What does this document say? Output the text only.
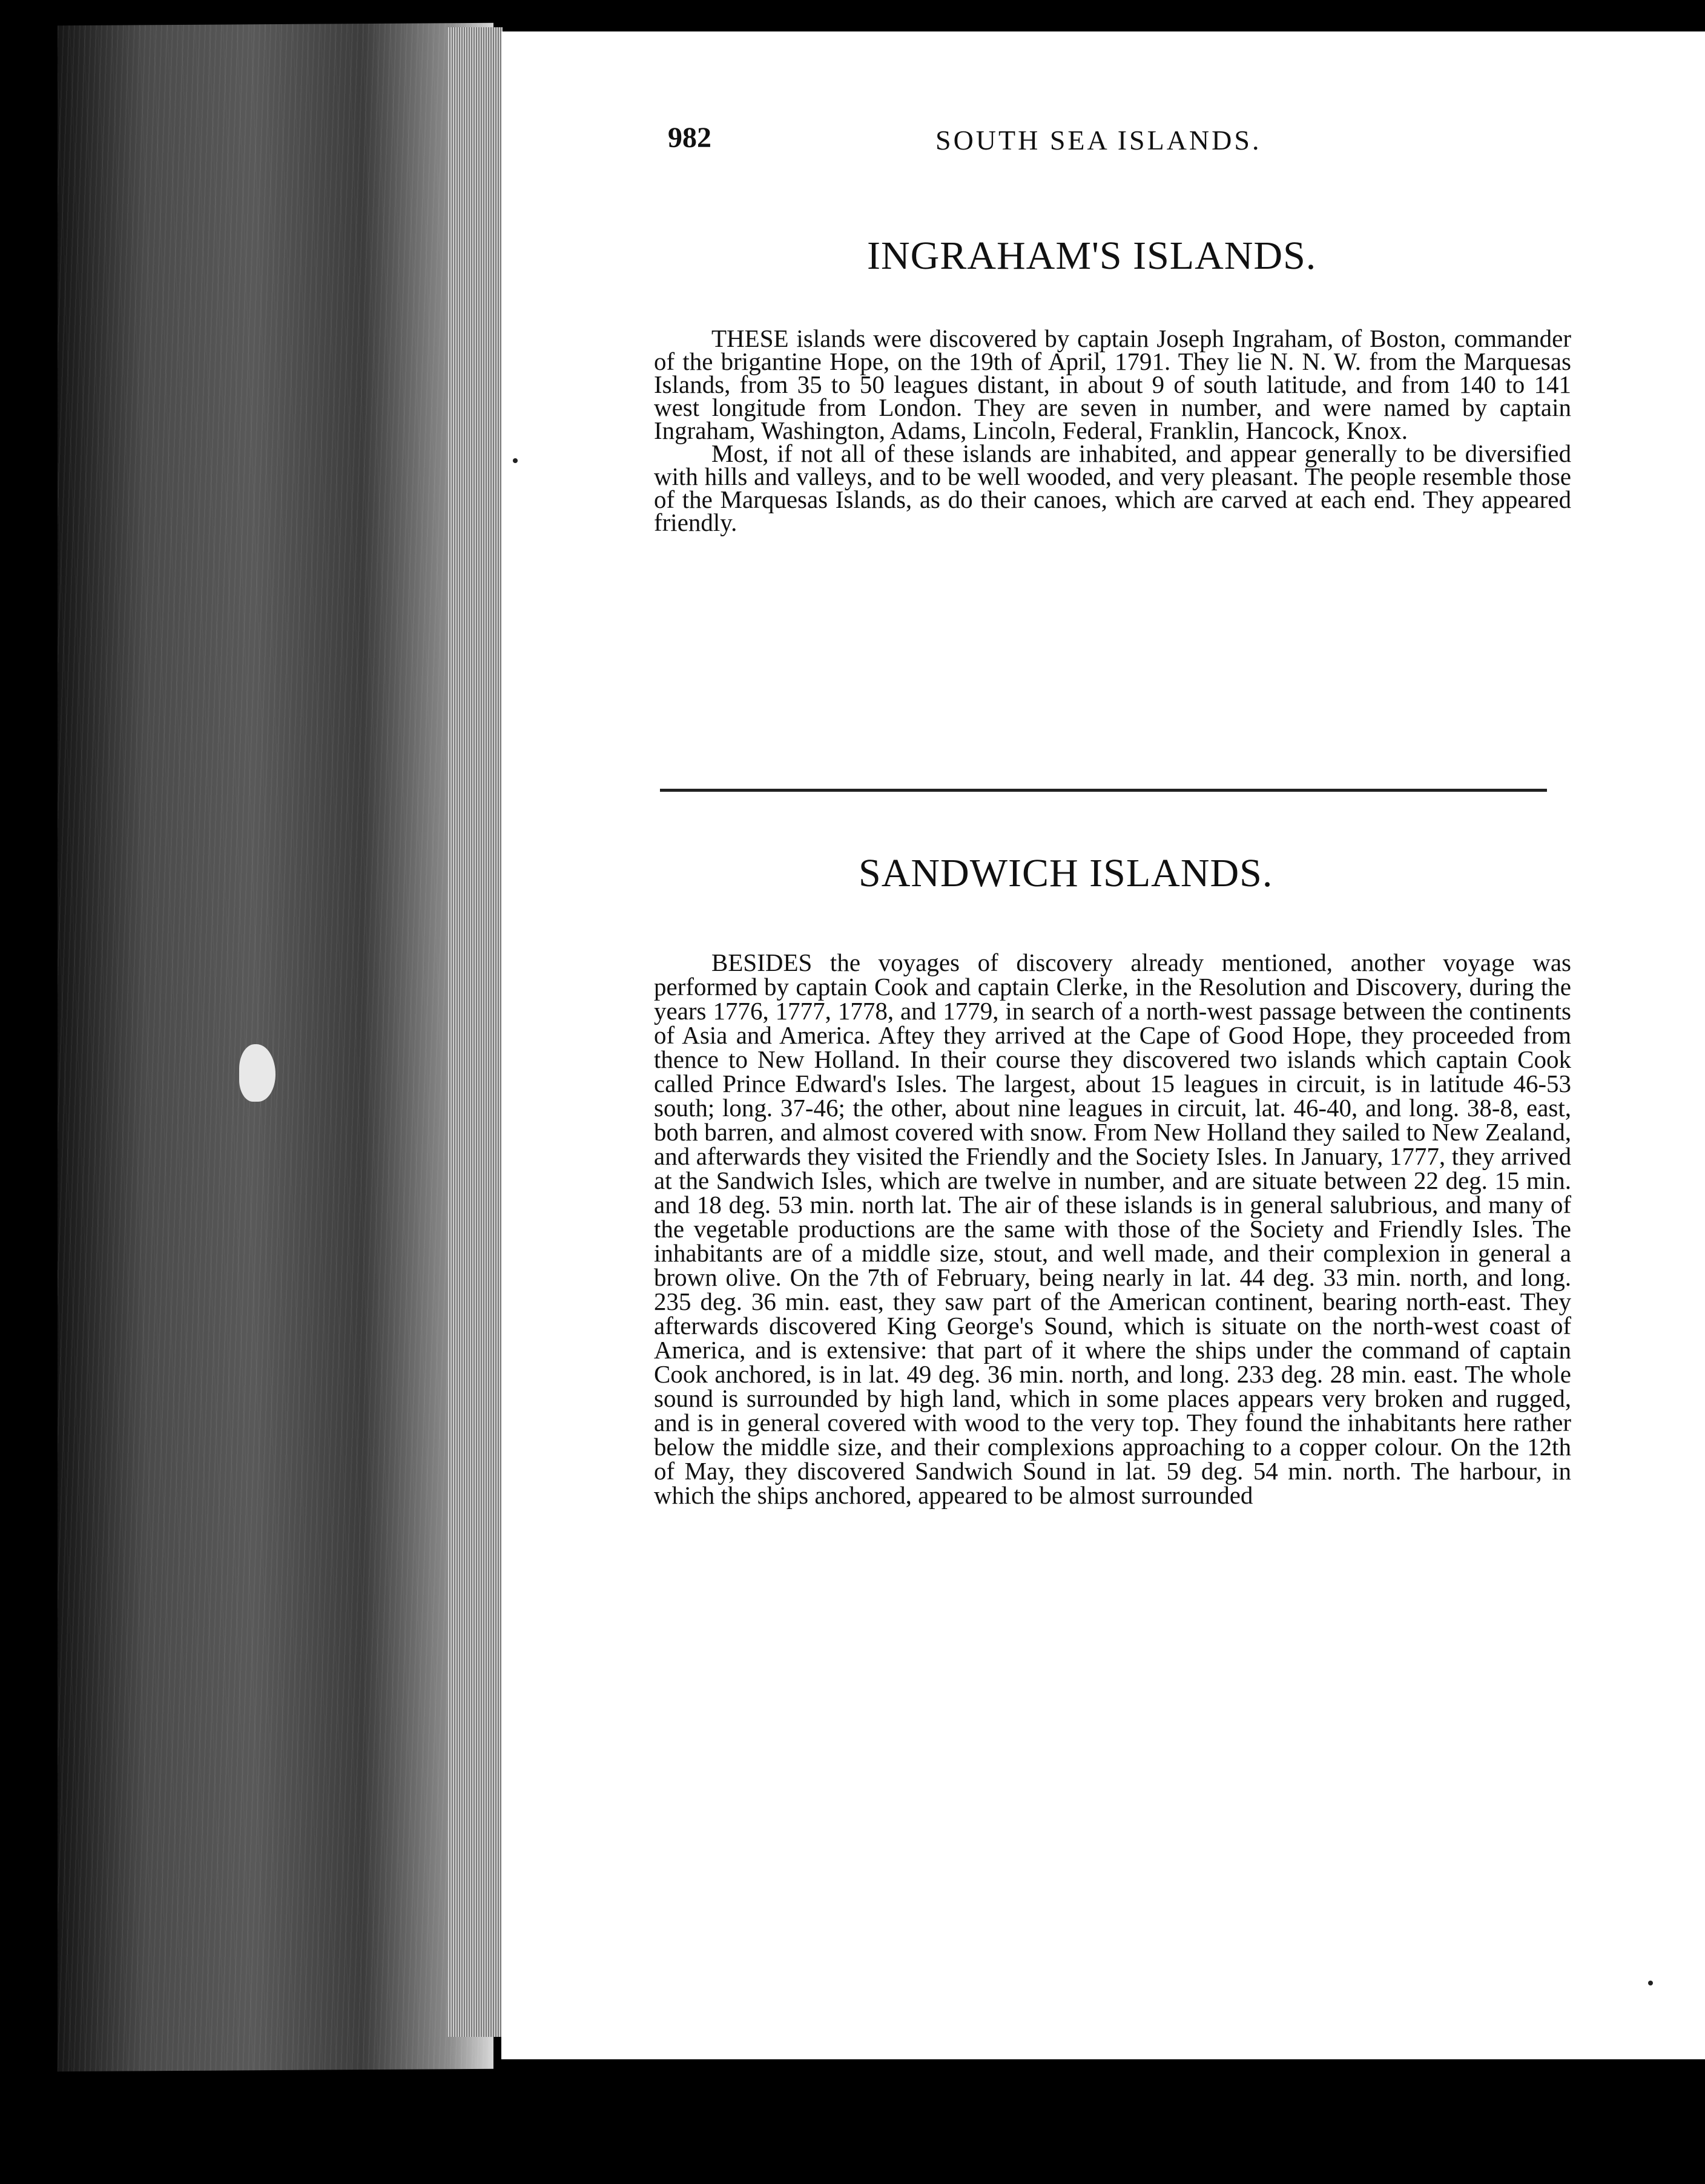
982	SOUTH SEA ISLANDS.
INGRAHAM'S ISLANDS.

THESE islands were discovered by captain Joseph Ingraham, of Boston, commander of the brigantine Hope, on the 19th of April, 1791. They lie N. N. W. from the Marquesas Islands, from 35 to 50 leagues distant, in about 9 of south latitude, and from 140 to 141 west longitude from London. They are seven in number, and were named by captain Ingraham, Washington, Adams, Lincoln, Federal, Franklin, Hancock, Knox.

Most, if not all of these islands are inhabited, and appear generally to be diversified with hills and valleys, and to be well wooded, and very pleasant. The people resemble those of the Marquesas Islands, as do their canoes, which are carved at each end. They appeared friendly.

SANDWICH ISLANDS.

BESIDES the voyages of discovery already mentioned, another voyage was performed by captain Cook and captain Clerke, in the Resolution and Discovery, during the years 1776, 1777, 1778, and 1779, in search of a north-west passage between the continents of Asia and America. Aftey they arrived at the Cape of Good Hope, they proceeded from thence to New Holland. In their course they discovered two islands which captain Cook called Prince Edward's Isles. The largest, about 15 leagues in circuit, is in latitude 46-53 south; long. 37-46; the other, about nine leagues in circuit, lat. 46-40, and long. 38-8, east, both barren, and almost covered with snow. From New Holland they sailed to New Zealand, and afterwards they visited the Friendly and the Society Isles. In January, 1777, they arrived at the Sandwich Isles, which are twelve in number, and are situate between 22 deg. 15 min. and 18 deg. 53 min. north lat. The air of these islands is in general salubrious, and many of the vegetable productions are the same with those of the Society and Friendly Isles. The inhabitants are of a middle size, stout, and well made, and their complexion in general a brown olive. On the 7th of February, being nearly in lat. 44 deg. 33 min. north, and long. 235 deg. 36 min. east, they saw part of the American continent, bearing north-east. They afterwards discovered King George's Sound, which is situate on the north-west coast of America, and is extensive: that part of it where the ships under the command of captain Cook anchored, is in lat. 49 deg. 36 min. north, and long. 233 deg. 28 min. east. The whole sound is surrounded by high land, which in some places appears very broken and rugged, and is in general covered with wood to the very top. They found the inhabitants here rather below the middle size, and their complexions approaching to a copper colour. On the 12th of May, they discovered Sandwich Sound in lat. 59 deg. 54 min. north. The harbour, in which the ships anchored, appeared to be almost surrounded
